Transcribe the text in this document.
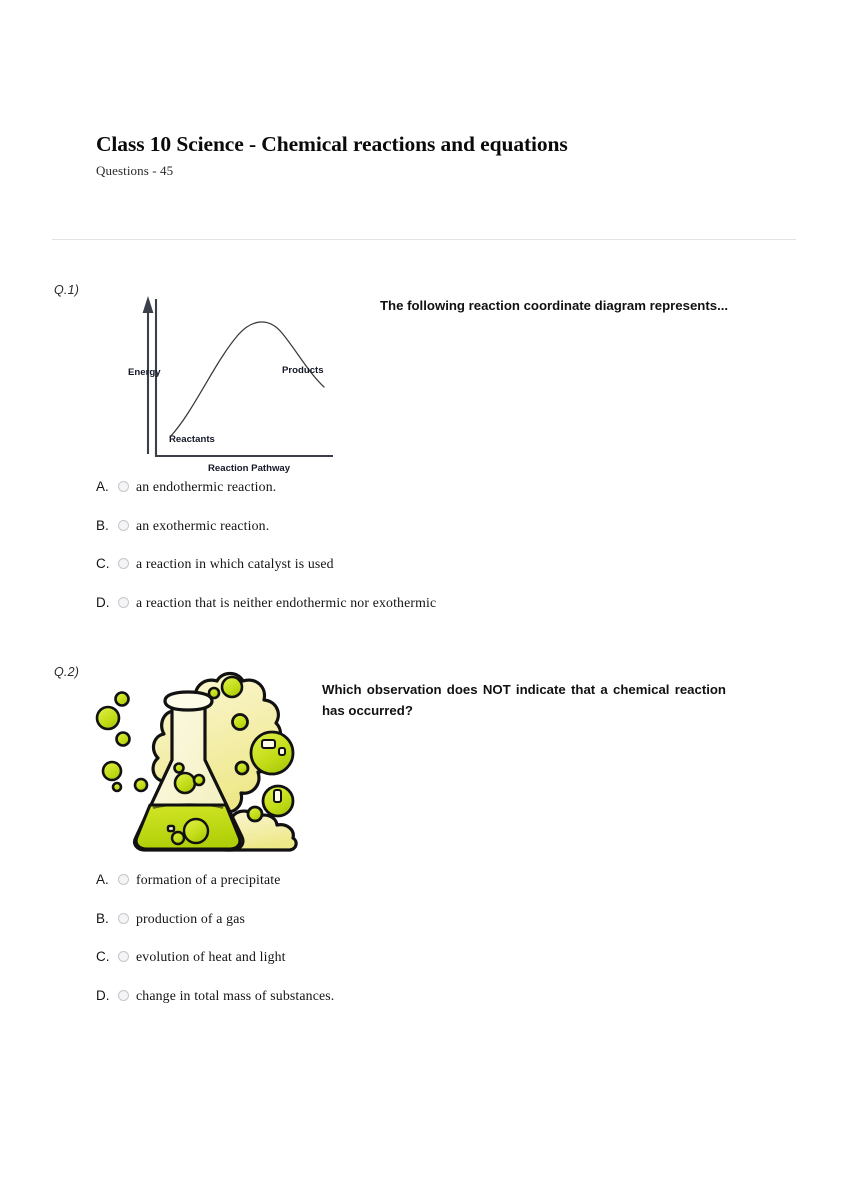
Class 10 Science - Chemical reactions and equations

Questions - 45

Q.1)
Energy
Reaction Pathway
Reactants
Products
The following reaction coordinate diagram represents...
A.	an endothermic reaction.
B.	an exothermic reaction.
C.	a reaction in which catalyst is used
D.	a reaction that is neither endothermic nor exothermic
Q.2)
Which observation does NOT indicate that a chemical reaction has occurred?
A.	formation of a precipitate
B.	production of a gas
C.	evolution of heat and light
D.	change in total mass of substances.
